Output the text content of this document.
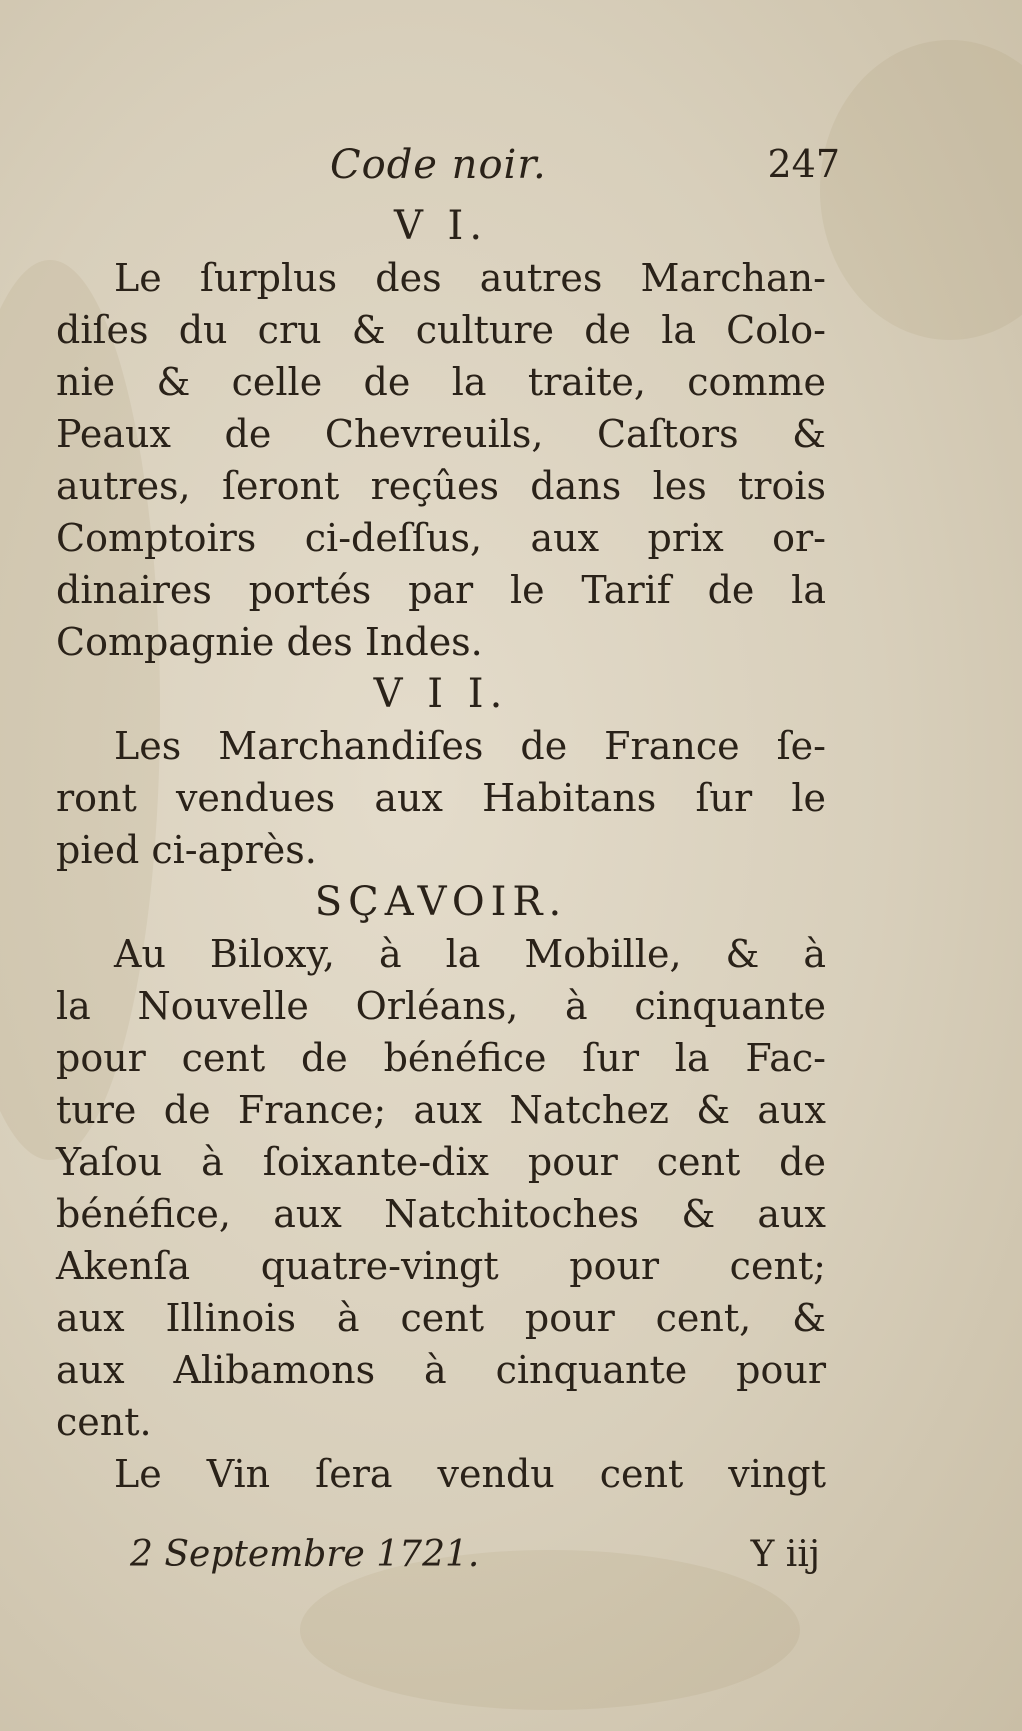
Code noir.	247

V I.

Le ſurplus des autres Marchan-

diſes du cru & culture de la Colo-

nie & celle de la traite, comme

Peaux de Chevreuils, Caſtors &

autres, ſeront reçûes dans les trois

Comptoirs ci-deſſus, aux prix or-

dinaires portés par le Tarif de la

Compagnie des Indes.

V I I.

Les Marchandiſes de France ſe-

ront vendues aux Habitans ſur le

pied ci-après.

SÇAVOIR.

Au Biloxy, à la Mobille, & à

la Nouvelle Orléans, à cinquante

pour cent de bénéfice ſur la Fac-

ture de France; aux Natchez & aux

Yaſou à ſoixante-dix pour cent de

bénéfice, aux Natchitoches & aux

Akenſa quatre-vingt pour cent;

aux Illinois à cent pour cent, &

aux Alibamons à cinquante pour

cent.

Le Vin ſera vendu cent vingt

2 Septembre 1721.	Y iij
